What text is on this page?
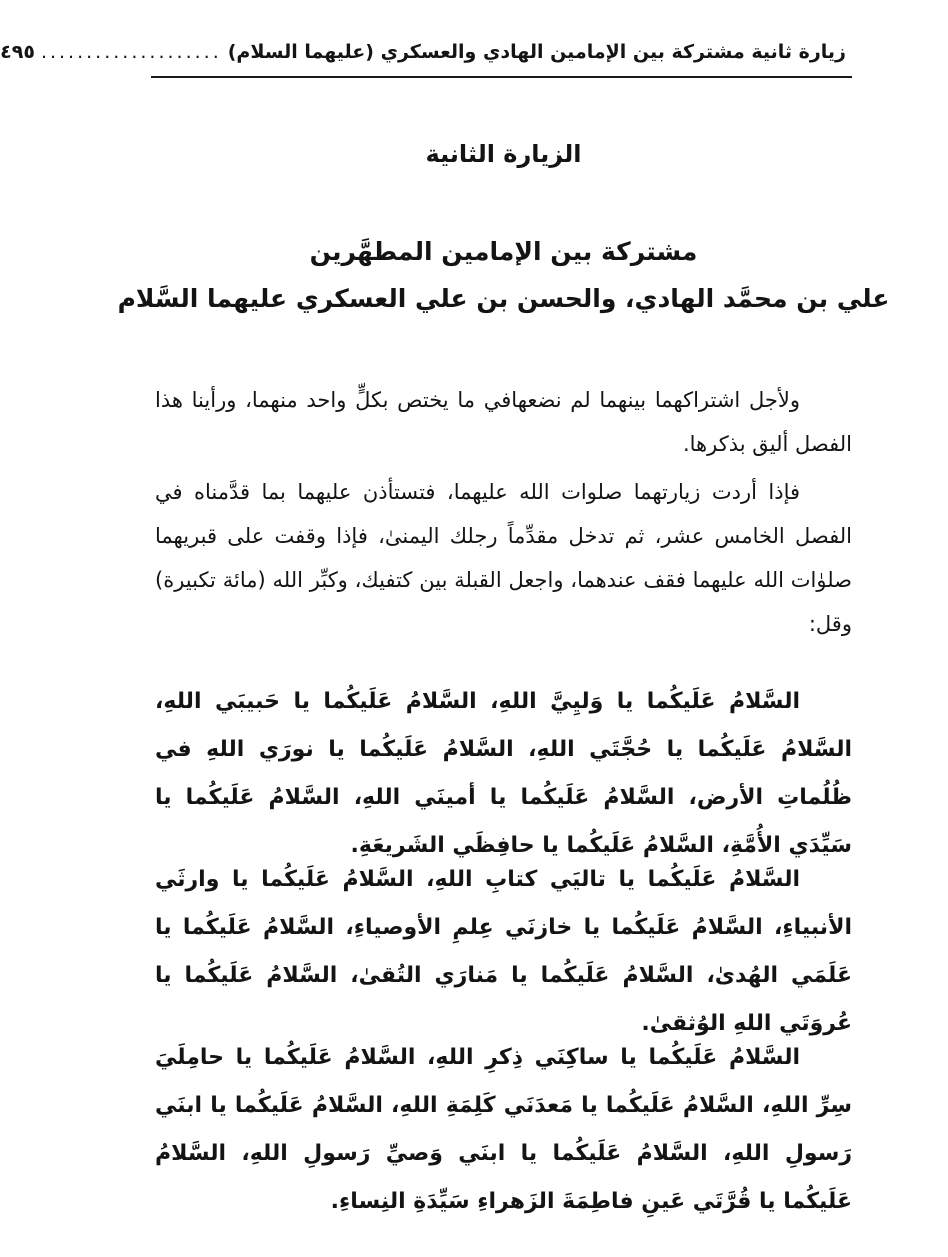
زيارة ثانية مشتركة بين الإمامين الهادي والعسكري (عليهما السلام)
....................
٤٩٥
الزيارة الثانية
مشتركة بين الإمامين المطهَّرين
علي بن محمَّد الهادي، والحسن بن علي العسكري عليهما السَّلام

ولأجل اشتراكهما بينهما لم نضعهافي ما يختص بكلٍّ واحد منهما، ورأينا هذا الفصل أليق بذكرها.

فإذا أردت زيارتهما صلوات الله عليهما، فتستأذن عليهما بما قدَّمناه في الفصل الخامس عشر، ثم تدخل مقدِّماً رجلك اليمنىٰ، فإذا وقفت على قبريهما صلوٰات الله عليهما فقف عندهما، واجعل القبلة بين كتفيك، وكبِّر الله (مائة تكبيرة) وقل:

السَّلامُ عَلَيكُما يا وَليِيَّ اللهِ، السَّلامُ عَلَيكُما يا حَبيبَي اللهِ، السَّلامُ عَلَيكُما يا حُجَّتَي اللهِ، السَّلامُ عَلَيكُما يا نورَي اللهِ في ظُلُماتِ الأرض، السَّلامُ عَلَيكُما يا أمينَي اللهِ، السَّلامُ عَلَيكُما يا سَيِّدَي الأُمَّةِ، السَّلامُ عَلَيكُما يا حافِظَي الشَريعَةِ.

السَّلامُ عَلَيكُما يا تاليَي كتابِ اللهِ، السَّلامُ عَلَيكُما يا وارثَي الأنبياءِ، السَّلامُ عَلَيكُما يا خازنَي عِلمِ الأوصياءِ، السَّلامُ عَلَيكُما يا عَلَمَي الهُدىٰ، السَّلامُ عَلَيكُما يا مَنارَي التُقىٰ، السَّلامُ عَلَيكُما يا عُروَتَي اللهِ الوُثقىٰ.

السَّلامُ عَلَيكُما يا ساكِنَي ذِكرِ اللهِ، السَّلامُ عَلَيكُما يا حامِلَيَ سِرِّ اللهِ، السَّلامُ عَلَيكُما يا مَعدَنَي كَلِمَةِ اللهِ، السَّلامُ عَلَيكُما يا ابنَي رَسولِ اللهِ، السَّلامُ عَلَيكُما يا ابنَي وَصيِّ رَسولِ اللهِ، السَّلامُ عَلَيكُما يا قُرَّتَي عَينِ فاطِمَةَ الزَهراءِ سَيِّدَةِ النِساءِ.
